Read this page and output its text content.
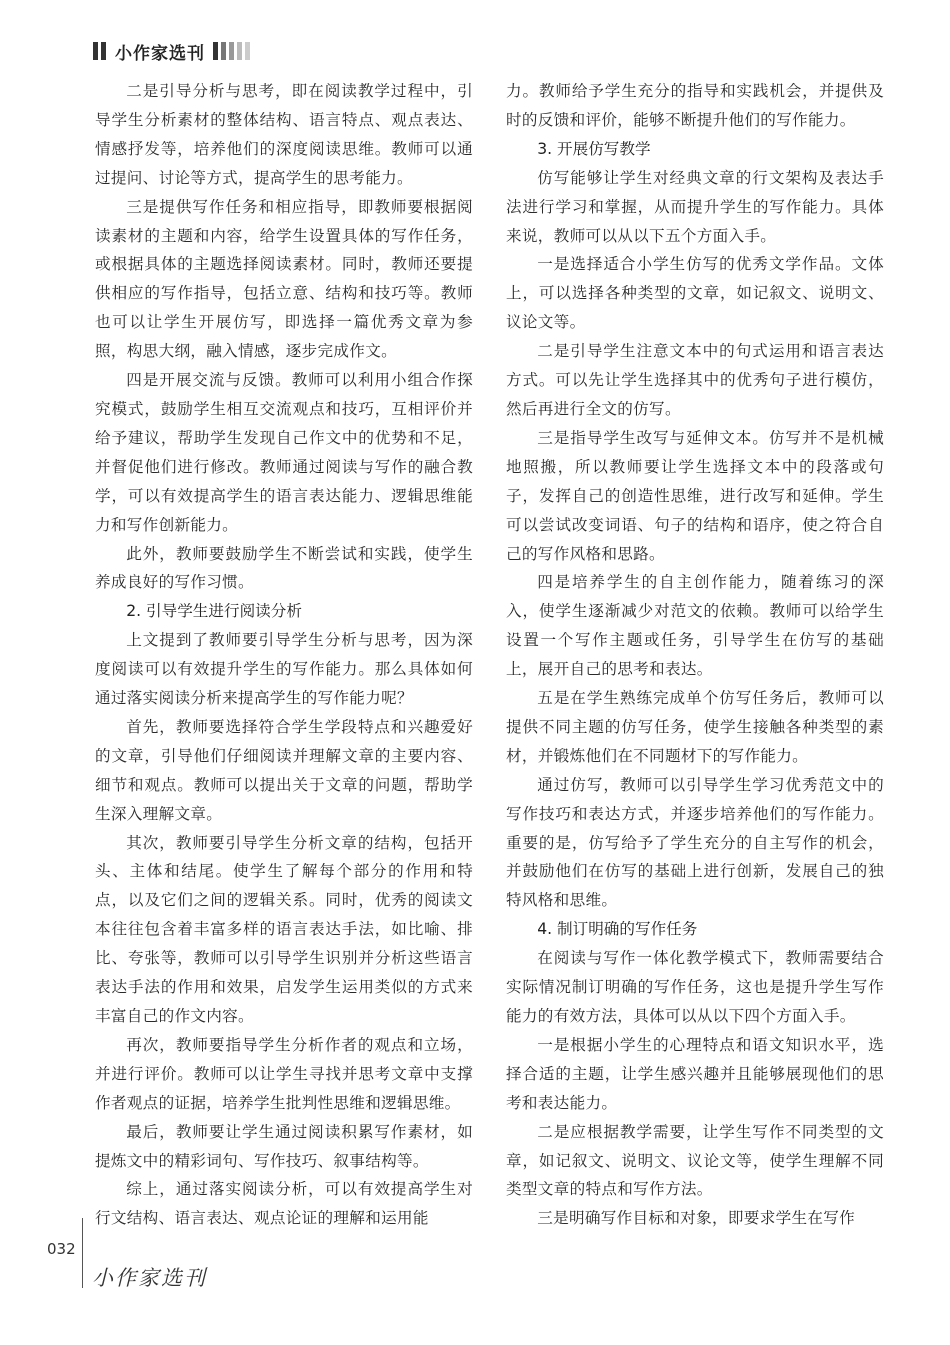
小作家选刊

二是引导分析与思考，即在阅读教学过程中，引导学生分析素材的整体结构、语言特点、观点表达、情感抒发等，培养他们的深度阅读思维。教师可以通过提问、讨论等方式，提高学生的思考能力。

三是提供写作任务和相应指导，即教师要根据阅读素材的主题和内容，给学生设置具体的写作任务，或根据具体的主题选择阅读素材。同时，教师还要提供相应的写作指导，包括立意、结构和技巧等。教师也可以让学生开展仿写，即选择一篇优秀文章为参照，构思大纲，融入情感，逐步完成作文。

四是开展交流与反馈。教师可以利用小组合作探究模式，鼓励学生相互交流观点和技巧，互相评价并给予建议，帮助学生发现自己作文中的优势和不足，并督促他们进行修改。教师通过阅读与写作的融合教学，可以有效提高学生的语言表达能力、逻辑思维能力和写作创新能力。

此外，教师要鼓励学生不断尝试和实践，使学生养成良好的写作习惯。

2. 引导学生进行阅读分析

上文提到了教师要引导学生分析与思考，因为深度阅读可以有效提升学生的写作能力。那么具体如何通过落实阅读分析来提高学生的写作能力呢？

首先，教师要选择符合学生学段特点和兴趣爱好的文章，引导他们仔细阅读并理解文章的主要内容、细节和观点。教师可以提出关于文章的问题，帮助学生深入理解文章。

其次，教师要引导学生分析文章的结构，包括开头、主体和结尾。使学生了解每个部分的作用和特点，以及它们之间的逻辑关系。同时，优秀的阅读文本往往包含着丰富多样的语言表达手法，如比喻、排比、夸张等，教师可以引导学生识别并分析这些语言表达手法的作用和效果，启发学生运用类似的方式来丰富自己的作文内容。

再次，教师要指导学生分析作者的观点和立场，并进行评价。教师可以让学生寻找并思考文章中支撑作者观点的证据，培养学生批判性思维和逻辑思维。

最后，教师要让学生通过阅读积累写作素材，如提炼文中的精彩词句、写作技巧、叙事结构等。

综上，通过落实阅读分析，可以有效提高学生对行文结构、语言表达、观点论证的理解和运用能

力。教师给予学生充分的指导和实践机会，并提供及时的反馈和评价，能够不断提升他们的写作能力。

3. 开展仿写教学

仿写能够让学生对经典文章的行文架构及表达手法进行学习和掌握，从而提升学生的写作能力。具体来说，教师可以从以下五个方面入手。

一是选择适合小学生仿写的优秀文学作品。文体上，可以选择各种类型的文章，如记叙文、说明文、议论文等。

二是引导学生注意文本中的句式运用和语言表达方式。可以先让学生选择其中的优秀句子进行模仿，然后再进行全文的仿写。

三是指导学生改写与延伸文本。仿写并不是机械地照搬，所以教师要让学生选择文本中的段落或句子，发挥自己的创造性思维，进行改写和延伸。学生可以尝试改变词语、句子的结构和语序，使之符合自己的写作风格和思路。

四是培养学生的自主创作能力，随着练习的深入，使学生逐渐减少对范文的依赖。教师可以给学生设置一个写作主题或任务，引导学生在仿写的基础上，展开自己的思考和表达。

五是在学生熟练完成单个仿写任务后，教师可以提供不同主题的仿写任务，使学生接触各种类型的素材，并锻炼他们在不同题材下的写作能力。

通过仿写，教师可以引导学生学习优秀范文中的写作技巧和表达方式，并逐步培养他们的写作能力。重要的是，仿写给予了学生充分的自主写作的机会，并鼓励他们在仿写的基础上进行创新，发展自己的独特风格和思维。

4. 制订明确的写作任务

在阅读与写作一体化教学模式下，教师需要结合实际情况制订明确的写作任务，这也是提升学生写作能力的有效方法，具体可以从以下四个方面入手。

一是根据小学生的心理特点和语文知识水平，选择合适的主题，让学生感兴趣并且能够展现他们的思考和表达能力。

二是应根据教学需要，让学生写作不同类型的文章，如记叙文、说明文、议论文等，使学生理解不同类型文章的特点和写作方法。

三是明确写作目标和对象，即要求学生在写作

032
小作家选刊
